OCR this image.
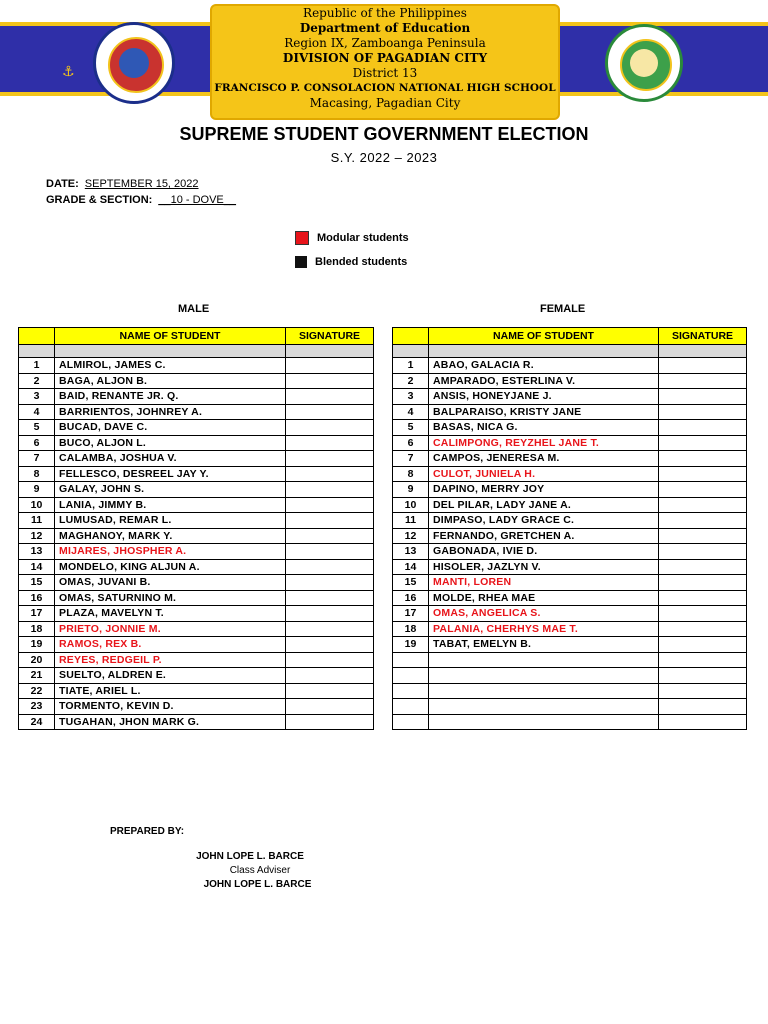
⚓
Republic of the Philippines
Department of Education
Region IX, Zamboanga Peninsula
DIVISION OF PAGADIAN CITY
District 13
FRANCISCO P. CONSOLACION NATIONAL HIGH SCHOOL
Macasing, Pagadian City
SUPREME STUDENT GOVERNMENT ELECTION
S.Y. 2022 – 2023
DATE: SEPTEMBER 15, 2022
GRADE & SECTION: __10 - DOVE__
Modular students
Blended students
MALE	FEMALE
	NAME OF STUDENT	SIGNATURE

1	ALMIROL, JAMES C.	
2	BAGA, ALJON B.	
3	BAID, RENANTE JR. Q.	
4	BARRIENTOS, JOHNREY A.	
5	BUCAD, DAVE C.	
6	BUCO, ALJON L.	
7	CALAMBA, JOSHUA V.	
8	FELLESCO, DESREEL JAY Y.	
9	GALAY, JOHN S.	
10	LANIA, JIMMY B.	
11	LUMUSAD, REMAR L.	
12	MAGHANOY, MARK Y.	
13	MIJARES, JHOSPHER A.	
14	MONDELO, KING ALJUN A.	
15	OMAS, JUVANI B.	
16	OMAS, SATURNINO M.	
17	PLAZA, MAVELYN T.	
18	PRIETO, JONNIE M.	
19	RAMOS, REX B.	
20	REYES, REDGEIL P.	
21	SUELTO, ALDREN E.	
22	TIATE, ARIEL L.	
23	TORMENTO, KEVIN D.	
24	TUGAHAN, JHON MARK G.	
	NAME OF STUDENT	SIGNATURE

1	ABAO, GALACIA R.	
2	AMPARADO, ESTERLINA V.	
3	ANSIS, HONEYJANE J.	
4	BALPARAISO, KRISTY JANE	
5	BASAS, NICA G.	
6	CALIMPONG, REYZHEL JANE T.	
7	CAMPOS, JENERESA M.	
8	CULOT, JUNIELA H.	
9	DAPINO, MERRY JOY	
10	DEL PILAR, LADY JANE A.	
11	DIMPASO, LADY GRACE C.	
12	FERNANDO, GRETCHEN A.	
13	GABONADA, IVIE D.	
14	HISOLER, JAZLYN V.	
15	MANTI, LOREN	
16	MOLDE, RHEA MAE	
17	OMAS, ANGELICA S.	
18	PALANIA, CHERHYS MAE T.	
19	TABAT, EMELYN B.	

PREPARED BY:
JOHN LOPE L. BARCE
Class Adviser
JOHN LOPE L. BARCE
